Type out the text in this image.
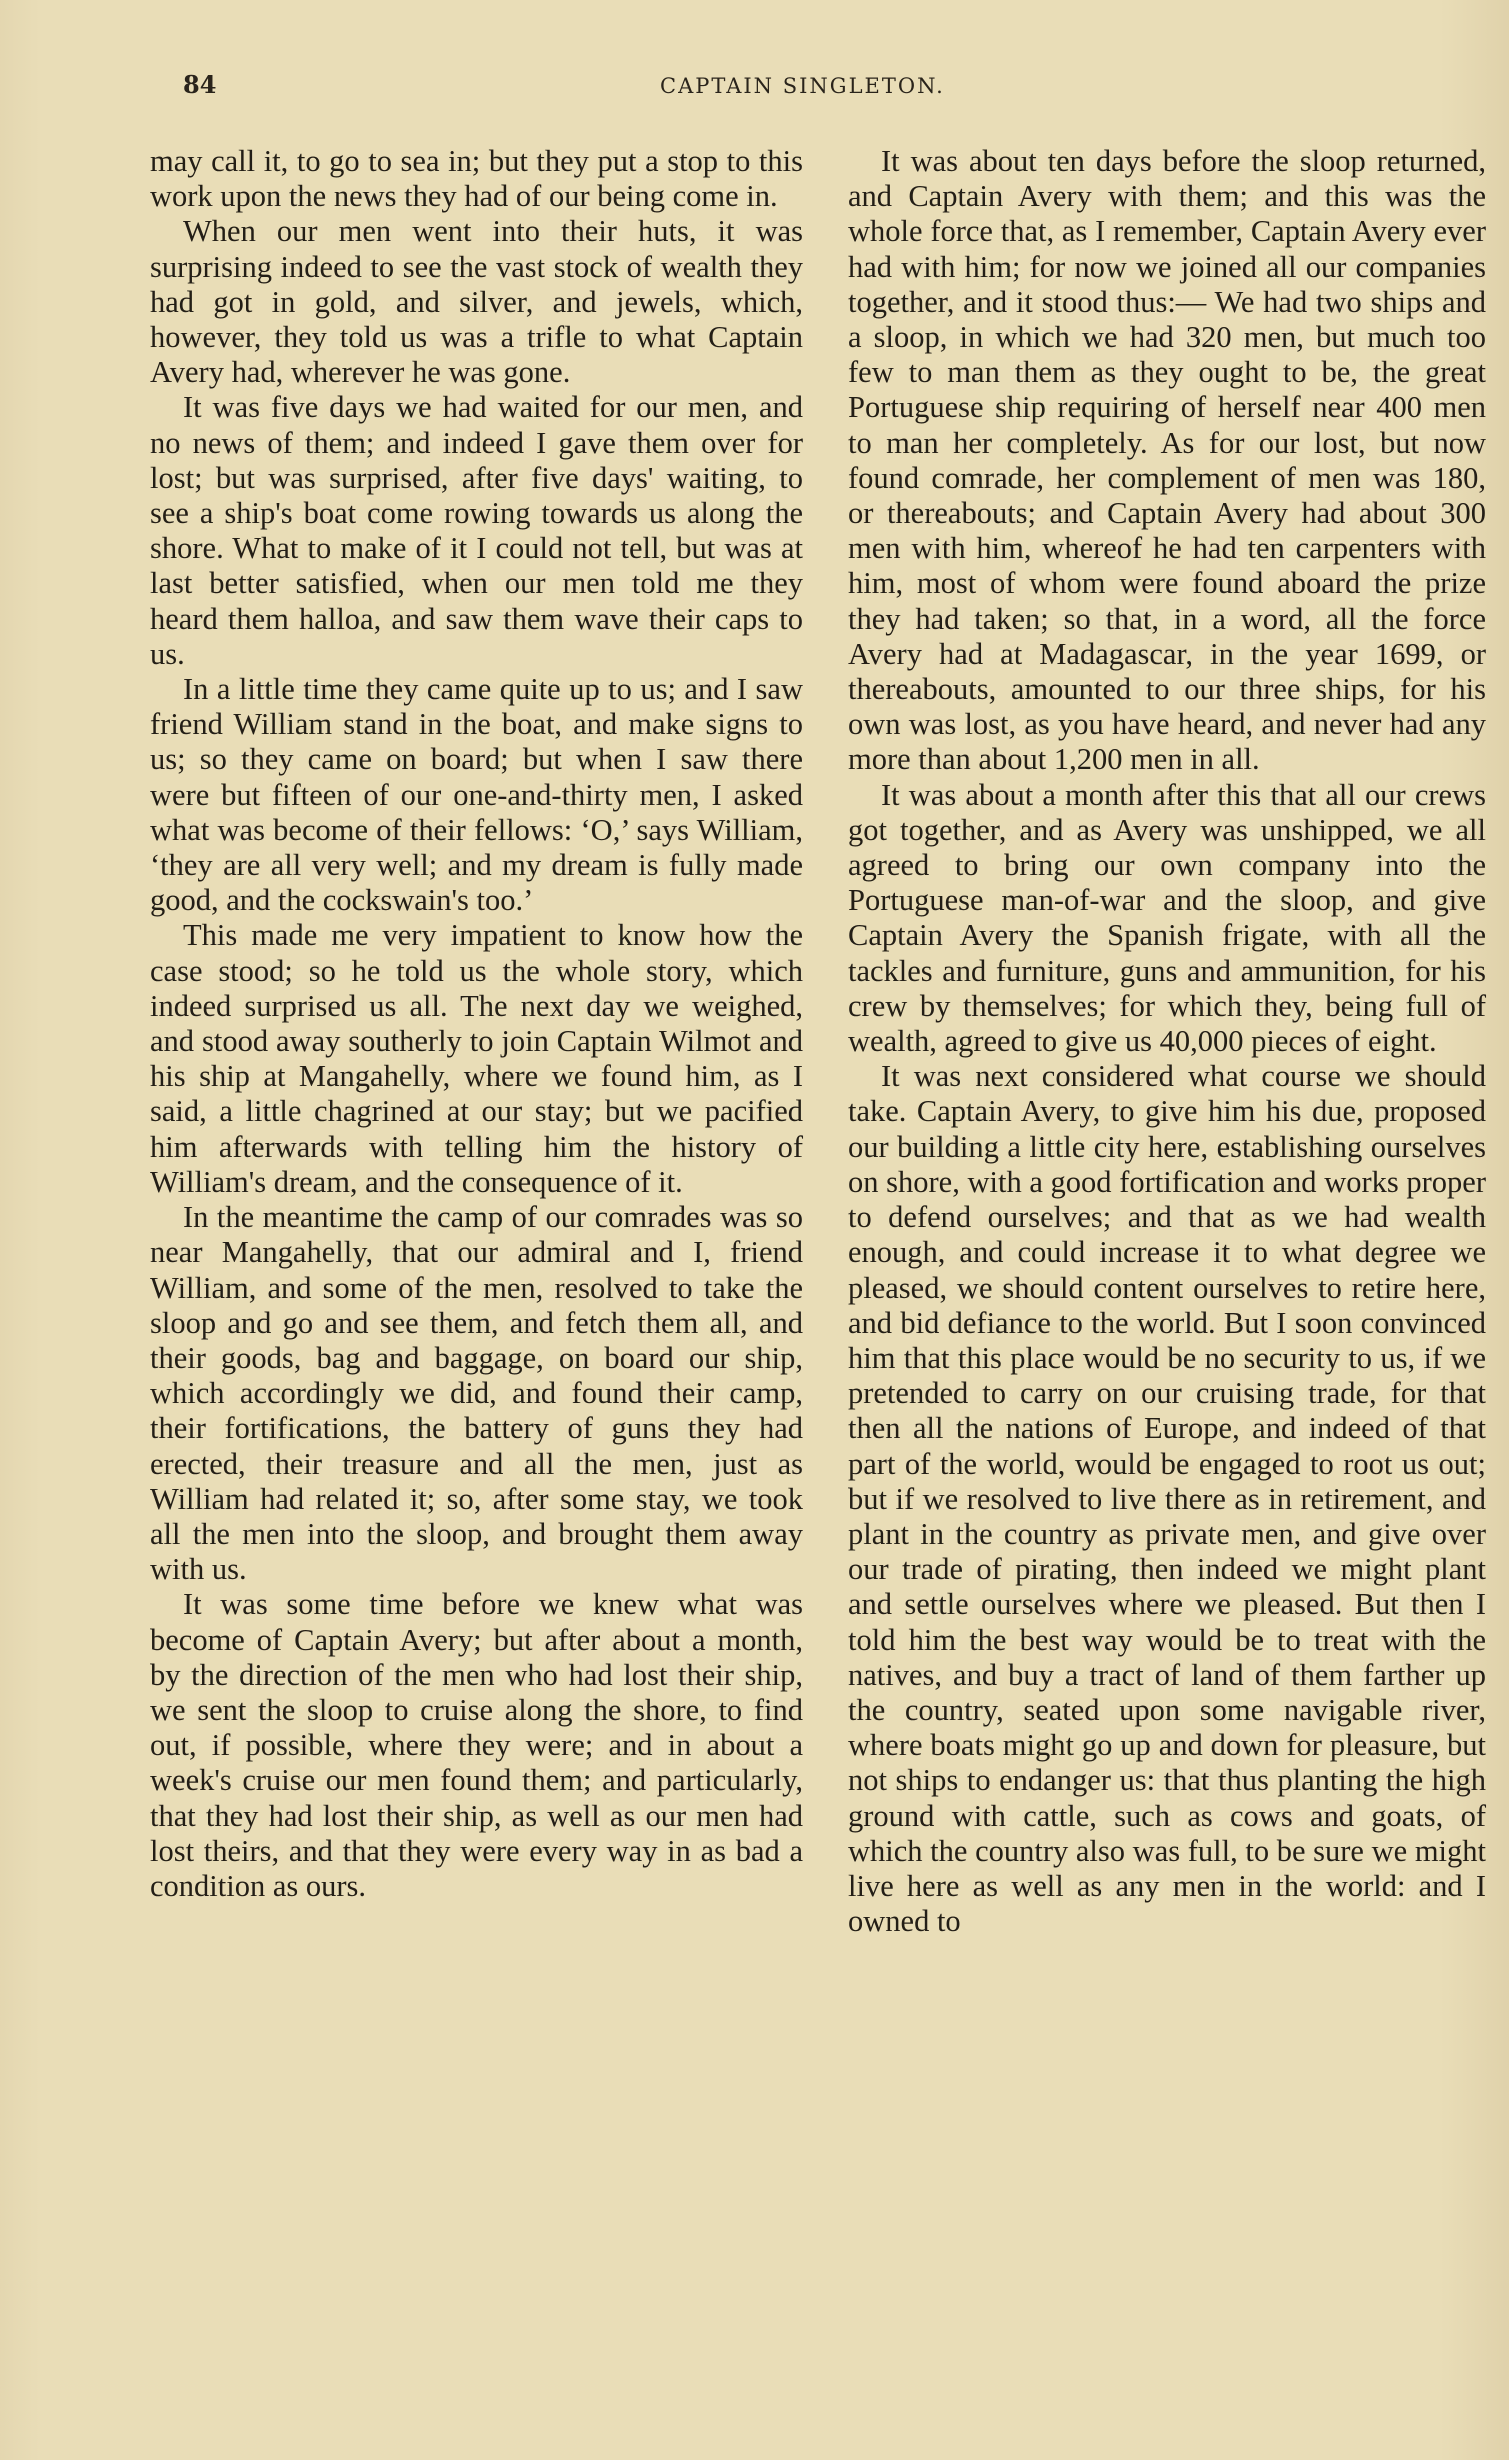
84	CAPTAIN SINGLETON.

may call it, to go to sea in; but they put a stop to this work upon the news they had of our being come in.

When our men went into their huts, it was surprising indeed to see the vast stock of wealth they had got in gold, and silver, and jewels, which, however, they told us was a trifle to what Captain Avery had, wherever he was gone.

It was five days we had waited for our men, and no news of them; and indeed I gave them over for lost; but was surprised, after five days' waiting, to see a ship's boat come rowing towards us along the shore. What to make of it I could not tell, but was at last better satisfied, when our men told me they heard them halloa, and saw them wave their caps to us.

In a little time they came quite up to us; and I saw friend William stand in the boat, and make signs to us; so they came on board; but when I saw there were but fifteen of our one-and-thirty men, I asked what was become of their fellows: ‘O,’ says William, ‘they are all very well; and my dream is fully made good, and the cockswain's too.’

This made me very impatient to know how the case stood; so he told us the whole story, which indeed surprised us all. The next day we weighed, and stood away southerly to join Captain Wilmot and his ship at Mangahelly, where we found him, as I said, a little chagrined at our stay; but we pacified him afterwards with telling him the history of William's dream, and the consequence of it.

In the meantime the camp of our comrades was so near Mangahelly, that our admiral and I, friend William, and some of the men, resolved to take the sloop and go and see them, and fetch them all, and their goods, bag and baggage, on board our ship, which accordingly we did, and found their camp, their fortifications, the battery of guns they had erected, their treasure and all the men, just as William had related it; so, after some stay, we took all the men into the sloop, and brought them away with us.

It was some time before we knew what was become of Captain Avery; but after about a month, by the direction of the men who had lost their ship, we sent the sloop to cruise along the shore, to find out, if possible, where they were; and in about a week's cruise our men found them; and particularly, that they had lost their ship, as well as our men had lost theirs, and that they were every way in as bad a condition as ours.

It was about ten days before the sloop returned, and Captain Avery with them; and this was the whole force that, as I remember, Captain Avery ever had with him; for now we joined all our companies together, and it stood thus:— We had two ships and a sloop, in which we had 320 men, but much too few to man them as they ought to be, the great Portuguese ship requiring of herself near 400 men to man her completely. As for our lost, but now found comrade, her complement of men was 180, or thereabouts; and Captain Avery had about 300 men with him, whereof he had ten carpenters with him, most of whom were found aboard the prize they had taken; so that, in a word, all the force Avery had at Madagascar, in the year 1699, or thereabouts, amounted to our three ships, for his own was lost, as you have heard, and never had any more than about 1,200 men in all.

It was about a month after this that all our crews got together, and as Avery was unshipped, we all agreed to bring our own company into the Portuguese man-of-war and the sloop, and give Captain Avery the Spanish frigate, with all the tackles and furniture, guns and ammunition, for his crew by themselves; for which they, being full of wealth, agreed to give us 40,000 pieces of eight.

It was next considered what course we should take. Captain Avery, to give him his due, proposed our building a little city here, establishing ourselves on shore, with a good fortification and works proper to defend ourselves; and that as we had wealth enough, and could increase it to what degree we pleased, we should content ourselves to retire here, and bid defiance to the world. But I soon convinced him that this place would be no security to us, if we pretended to carry on our cruising trade, for that then all the nations of Europe, and indeed of that part of the world, would be engaged to root us out; but if we resolved to live there as in retirement, and plant in the country as private men, and give over our trade of pirating, then indeed we might plant and settle ourselves where we pleased. But then I told him the best way would be to treat with the natives, and buy a tract of land of them farther up the country, seated upon some navigable river, where boats might go up and down for pleasure, but not ships to endanger us: that thus planting the high ground with cattle, such as cows and goats, of which the country also was full, to be sure we might live here as well as any men in the world: and I owned to
